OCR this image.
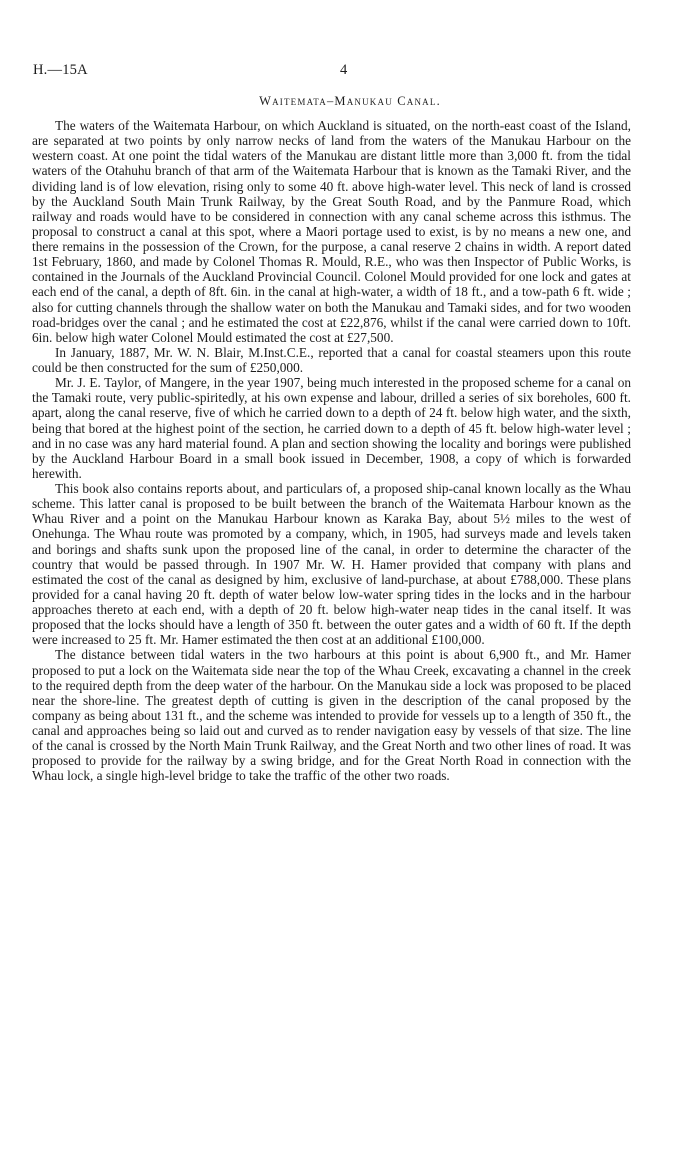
H.—15A	4
Waitemata–Manukau Canal.

The waters of the Waitemata Harbour, on which Auckland is situated, on the north-east coast of the Island, are separated at two points by only narrow necks of land from the waters of the Manukau Harbour on the western coast. At one point the tidal waters of the Manukau are distant little more than 3,000 ft. from the tidal waters of the Otahuhu branch of that arm of the Waitemata Harbour that is known as the Tamaki River, and the dividing land is of low elevation, rising only to some 40 ft. above high-water level. This neck of land is crossed by the Auckland South Main Trunk Railway, by the Great South Road, and by the Panmure Road, which railway and roads would have to be considered in connection with any canal scheme across this isthmus. The proposal to construct a canal at this spot, where a Maori portage used to exist, is by no means a new one, and there remains in the possession of the Crown, for the purpose, a canal reserve 2 chains in width. A report dated 1st February, 1860, and made by Colonel Thomas R. Mould, R.E., who was then Inspector of Public Works, is contained in the Journals of the Auckland Provincial Council. Colonel Mould provided for one lock and gates at each end of the canal, a depth of 8ft. 6in. in the canal at high-water, a width of 18 ft., and a tow-path 6 ft. wide ; also for cutting channels through the shallow water on both the Manukau and Tamaki sides, and for two wooden road-bridges over the canal ; and he estimated the cost at £22,876, whilst if the canal were carried down to 10ft. 6in. below high water Colonel Mould estimated the cost at £27,500.

In January, 1887, Mr. W. N. Blair, M.Inst.C.E., reported that a canal for coastal steamers upon this route could be then constructed for the sum of £250,000.

Mr. J. E. Taylor, of Mangere, in the year 1907, being much interested in the proposed scheme for a canal on the Tamaki route, very public-spiritedly, at his own expense and labour, drilled a series of six boreholes, 600 ft. apart, along the canal reserve, five of which he carried down to a depth of 24 ft. below high water, and the sixth, being that bored at the highest point of the section, he carried down to a depth of 45 ft. below high-water level ; and in no case was any hard material found. A plan and section showing the locality and borings were published by the Auckland Harbour Board in a small book issued in December, 1908, a copy of which is forwarded herewith.

This book also contains reports about, and particulars of, a proposed ship-canal known locally as the Whau scheme. This latter canal is proposed to be built between the branch of the Waitemata Harbour known as the Whau River and a point on the Manukau Harbour known as Karaka Bay, about 5½ miles to the west of Onehunga. The Whau route was promoted by a company, which, in 1905, had surveys made and levels taken and borings and shafts sunk upon the proposed line of the canal, in order to determine the character of the country that would be passed through. In 1907 Mr. W. H. Hamer provided that company with plans and estimated the cost of the canal as designed by him, exclusive of land-purchase, at about £788,000. These plans provided for a canal having 20 ft. depth of water below low-water spring tides in the locks and in the harbour approaches thereto at each end, with a depth of 20 ft. below high-water neap tides in the canal itself. It was proposed that the locks should have a length of 350 ft. between the outer gates and a width of 60 ft. If the depth were increased to 25 ft. Mr. Hamer estimated the then cost at an additional £100,000.

The distance between tidal waters in the two harbours at this point is about 6,900 ft., and Mr. Hamer proposed to put a lock on the Waitemata side near the top of the Whau Creek, excavating a channel in the creek to the required depth from the deep water of the harbour. On the Manukau side a lock was proposed to be placed near the shore-line. The greatest depth of cutting is given in the description of the canal proposed by the company as being about 131 ft., and the scheme was intended to provide for vessels up to a length of 350 ft., the canal and approaches being so laid out and curved as to render navigation easy by vessels of that size. The line of the canal is crossed by the North Main Trunk Railway, and the Great North and two other lines of road. It was proposed to provide for the railway by a swing bridge, and for the Great North Road in connection with the Whau lock, a single high-level bridge to take the traffic of the other two roads.
